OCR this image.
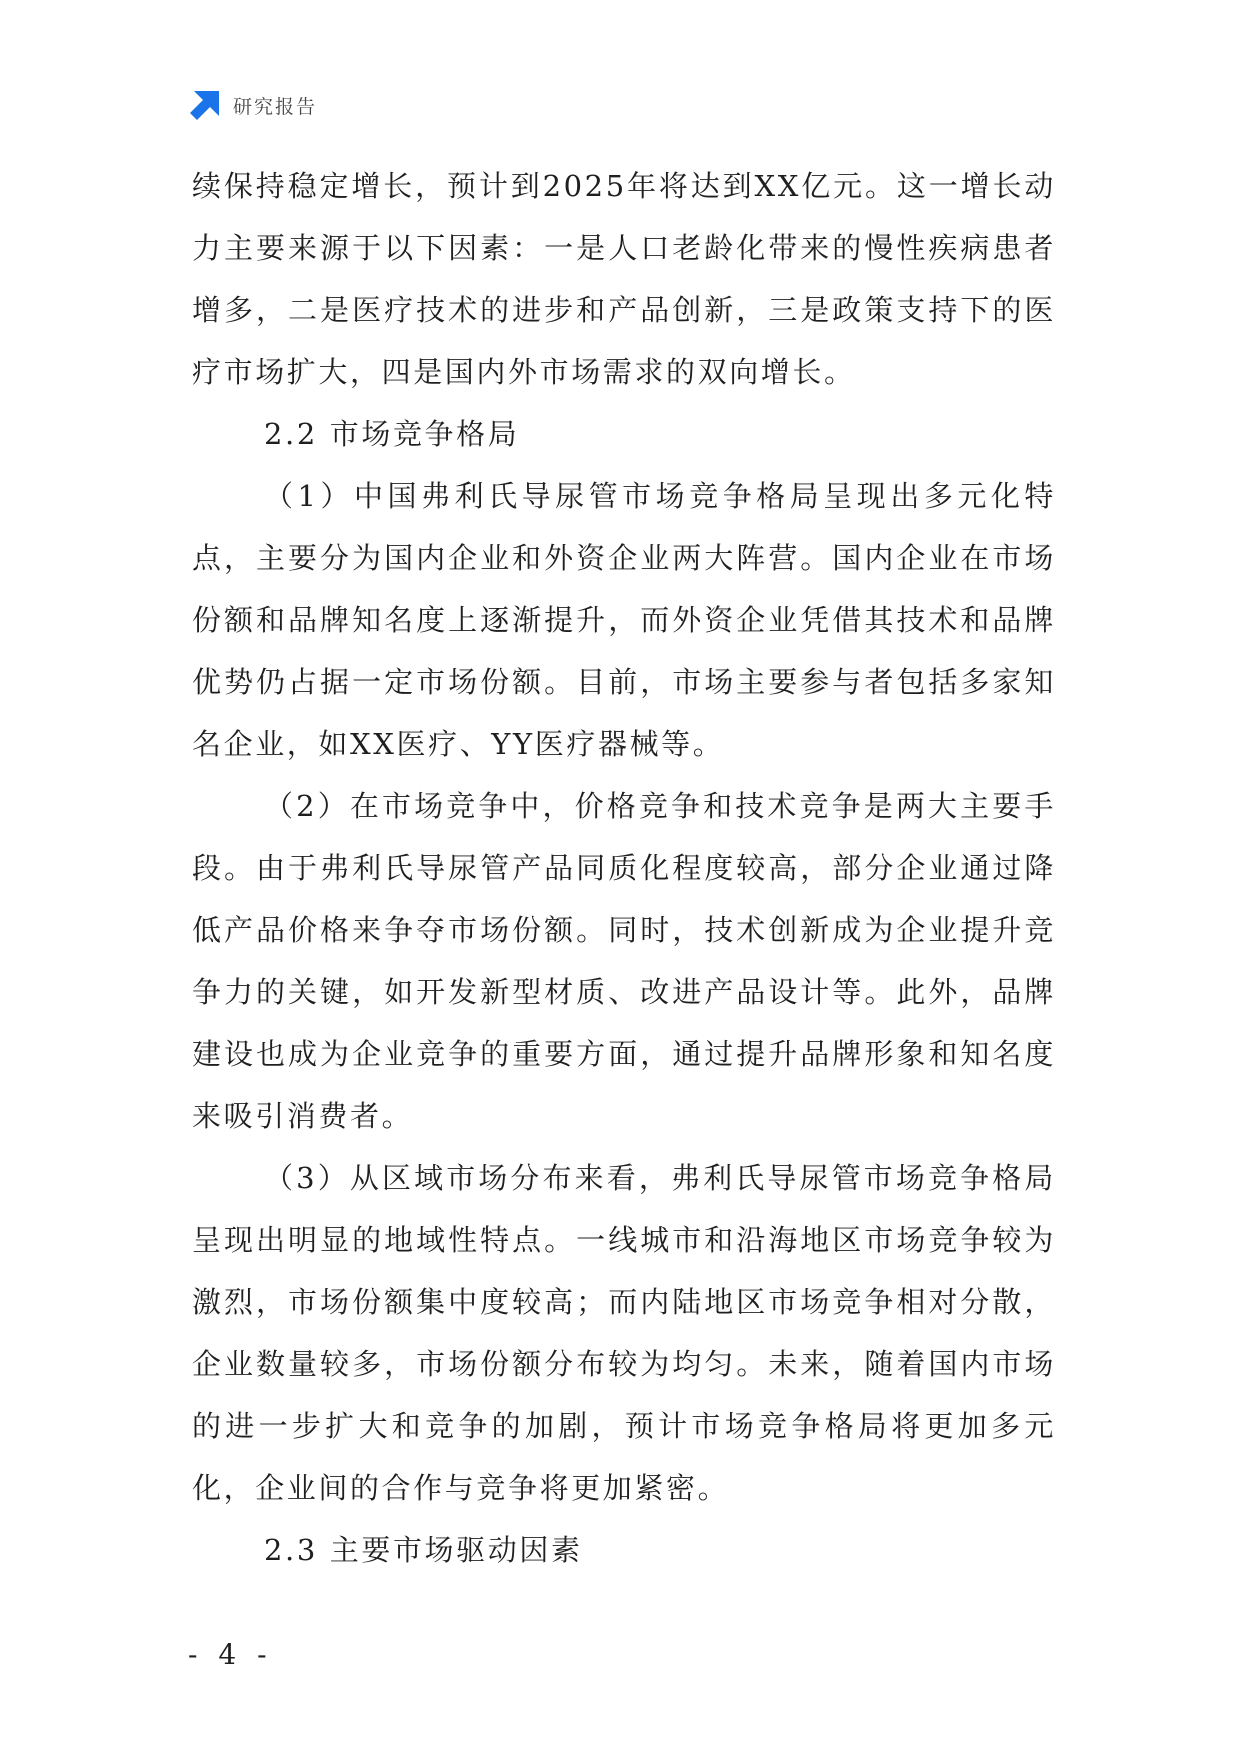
研究报告

续保持稳定增长，预计到2025年将达到XX亿元。这一增长动力主要来源于以下因素：一是人口老龄化带来的慢性疾病患者增多，二是医疗技术的进步和产品创新，三是政策支持下的医疗市场扩大，四是国内外市场需求的双向增长。

2.2 市场竞争格局

（1）中国弗利氏导尿管市场竞争格局呈现出多元化特点，主要分为国内企业和外资企业两大阵营。国内企业在市场份额和品牌知名度上逐渐提升，而外资企业凭借其技术和品牌优势仍占据一定市场份额。目前，市场主要参与者包括多家知名企业，如XX医疗、YY医疗器械等。

（2）在市场竞争中，价格竞争和技术竞争是两大主要手段。由于弗利氏导尿管产品同质化程度较高，部分企业通过降低产品价格来争夺市场份额。同时，技术创新成为企业提升竞争力的关键，如开发新型材质、改进产品设计等。此外，品牌建设也成为企业竞争的重要方面，通过提升品牌形象和知名度来吸引消费者。

（3）从区域市场分布来看，弗利氏导尿管市场竞争格局呈现出明显的地域性特点。一线城市和沿海地区市场竞争较为激烈，市场份额集中度较高；而内陆地区市场竞争相对分散，企业数量较多，市场份额分布较为均匀。未来，随着国内市场的进一步扩大和竞争的加剧，预计市场竞争格局将更加多元化，企业间的合作与竞争将更加紧密。

2.3 主要市场驱动因素

- 4 -
